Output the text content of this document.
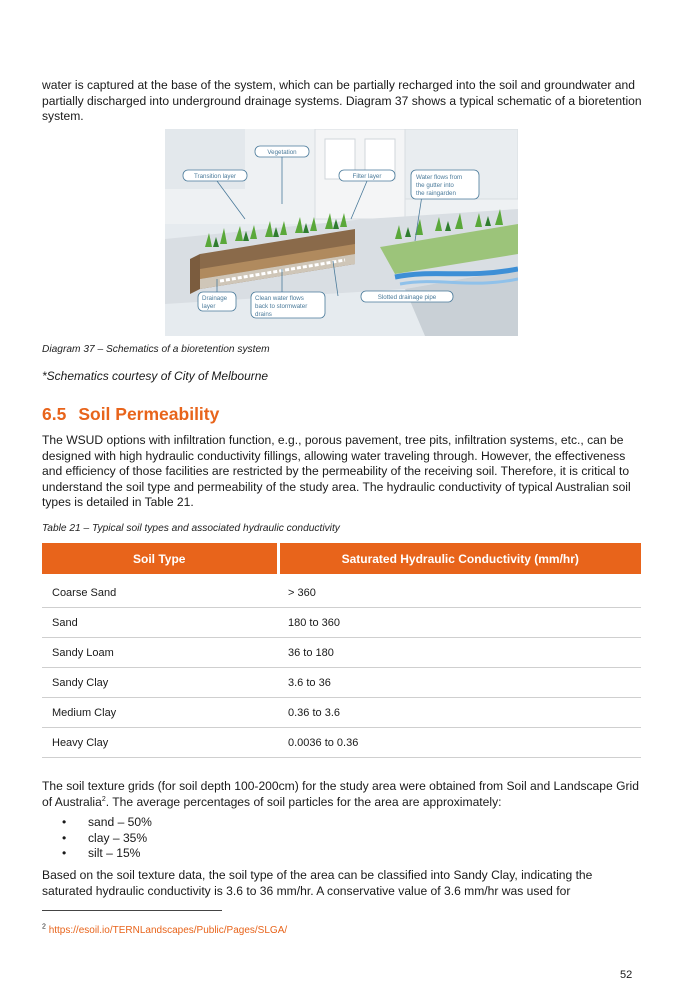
water is captured at the base of the system, which can be partially recharged into the soil and groundwater and partially discharged into underground drainage systems. Diagram 37 shows a typical schematic of a bioretention system.

Vegetation
Transition layer	Filter layer	Water flows from
the gutter into
the raingarden
Drainage
layer
Clean water flows
back to stormwater
drains
Slotted drainage pipe

Diagram 37 – Schematics of a bioretention system

*Schematics courtesy of City of Melbourne

6.5 Soil Permeability

The WSUD options with infiltration function, e.g., porous pavement, tree pits, infiltration systems, etc., can be designed with high hydraulic conductivity fillings, allowing water traveling through. However, the effectiveness and efficiency of those facilities are restricted by the permeability of the receiving soil. Therefore, it is critical to understand the soil type and permeability of the study area. The hydraulic conductivity of typical Australian soil types is detailed in Table 21.

Table 21 – Typical soil types and associated hydraulic conductivity

Soil Type	Saturated Hydraulic Conductivity (mm/hr)

Coarse Sand	> 360
Sand	180 to 360
Sandy Loam	36 to 180
Sandy Clay	3.6 to 36
Medium Clay	0.36 to 3.6
Heavy Clay	0.0036 to 0.36

The soil texture grids (for soil depth 100-200cm) for the study area were obtained from Soil and Landscape Grid of Australia$^2$. The average percentages of soil particles for the area are approximately:

• sand – 50%
• clay – 35%
• silt – 15%

Based on the soil texture data, the soil type of the area can be classified into Sandy Clay, indicating the saturated hydraulic conductivity is 3.6 to 36 mm/hr. A conservative value of 3.6 mm/hr was used for

$^2$ https://esoil.io/TERNLandscapes/Public/Pages/SLGA/

52
